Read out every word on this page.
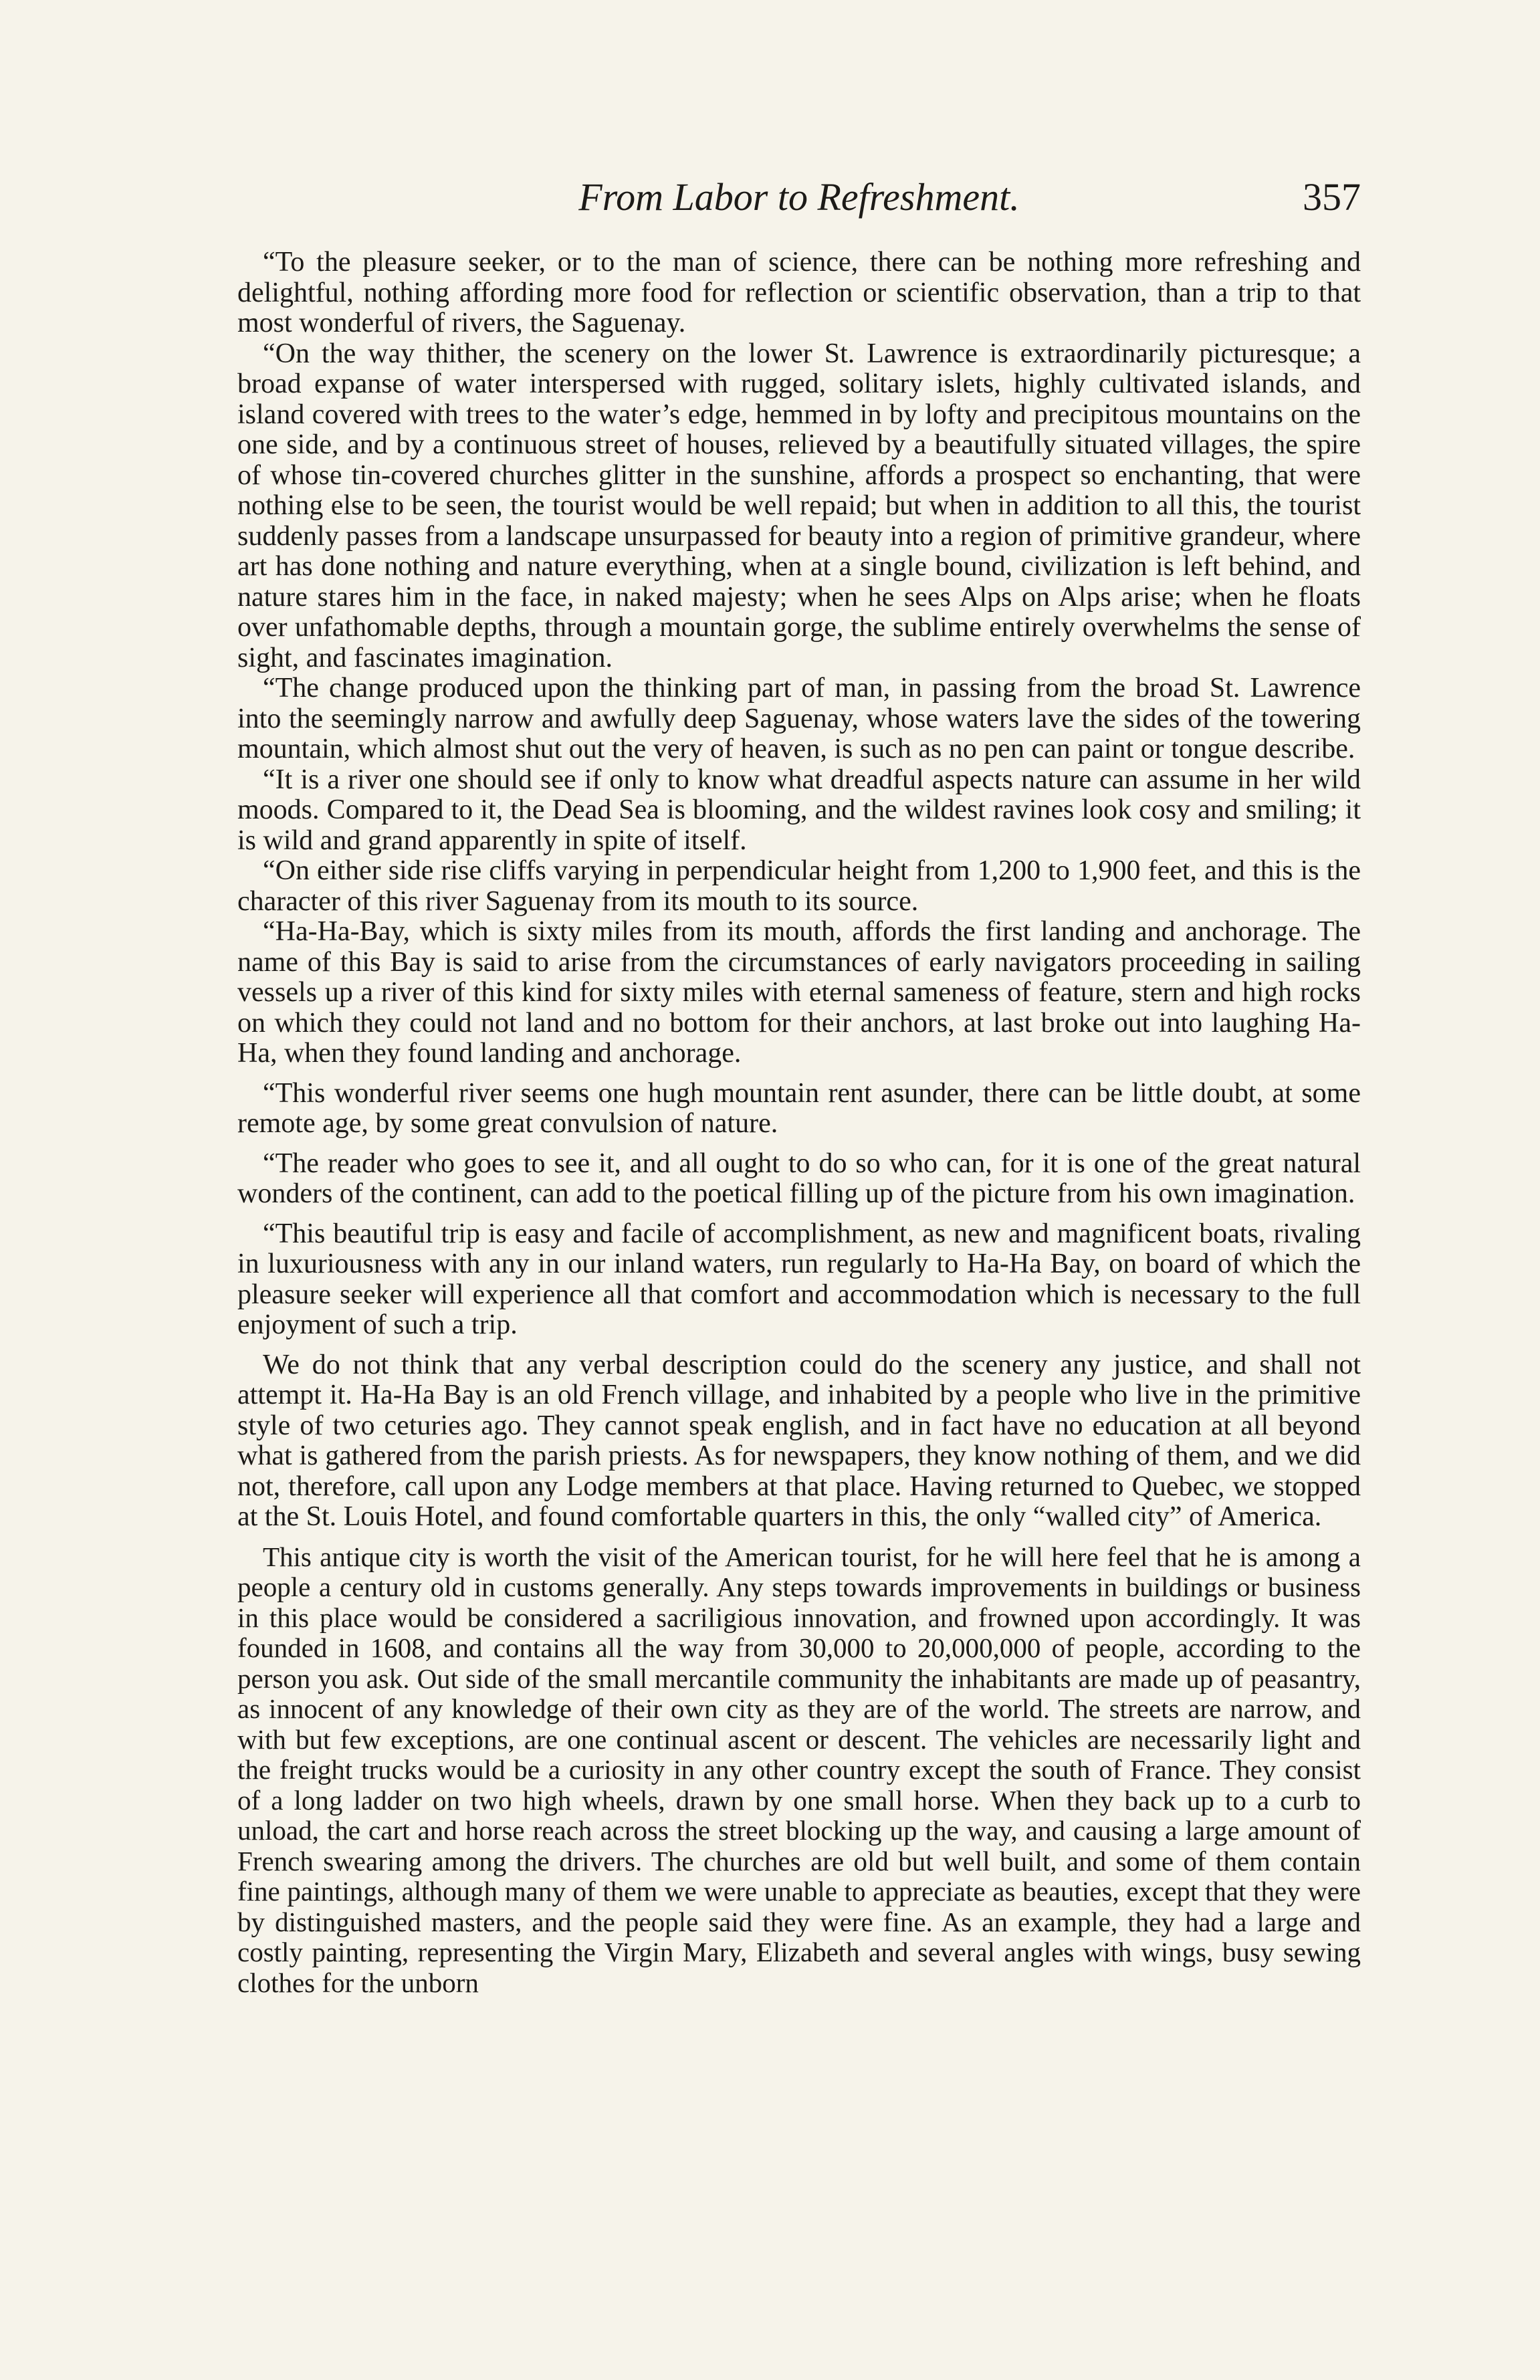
From Labor to Refreshment.	357

“To the pleasure seeker, or to the man of science, there can be nothing more refreshing and delightful, nothing affording more food for reflection or scientific observation, than a trip to that most wonderful of rivers, the Saguenay.

“On the way thither, the scenery on the lower St. Lawrence is extraordinarily picturesque; a broad expanse of water interspersed with rugged, solitary islets, highly cultivated islands, and island covered with trees to the water’s edge, hemmed in by lofty and precipitous mountains on the one side, and by a continuous street of houses, relieved by a beautifully situated villages, the spire of whose tin-covered churches glitter in the sunshine, affords a prospect so enchanting, that were nothing else to be seen, the tourist would be well repaid; but when in addition to all this, the tourist suddenly passes from a landscape unsurpassed for beauty into a region of primitive grandeur, where art has done nothing and nature everything, when at a single bound, civilization is left behind, and nature stares him in the face, in naked majesty; when he sees Alps on Alps arise; when he floats over unfathomable depths, through a mountain gorge, the sublime entirely overwhelms the sense of sight, and fascinates imagination.

“The change produced upon the thinking part of man, in passing from the broad St. Lawrence into the seemingly narrow and awfully deep Saguenay, whose waters lave the sides of the towering mountain, which almost shut out the very of heaven, is such as no pen can paint or tongue describe.

“It is a river one should see if only to know what dreadful aspects nature can assume in her wild moods. Compared to it, the Dead Sea is blooming, and the wildest ravines look cosy and smiling; it is wild and grand apparently in spite of itself.

“On either side rise cliffs varying in perpendicular height from 1,200 to 1,900 feet, and this is the character of this river Saguenay from its mouth to its source.

“Ha-Ha-Bay, which is sixty miles from its mouth, affords the first landing and anchorage. The name of this Bay is said to arise from the circumstances of early navigators proceeding in sailing vessels up a river of this kind for sixty miles with eternal sameness of feature, stern and high rocks on which they could not land and no bottom for their anchors, at last broke out into laughing Ha-Ha, when they found landing and anchorage.

“This wonderful river seems one hugh mountain rent asunder, there can be little doubt, at some remote age, by some great convulsion of nature.

“The reader who goes to see it, and all ought to do so who can, for it is one of the great natural wonders of the continent, can add to the poetical filling up of the picture from his own imagination.

“This beautiful trip is easy and facile of accomplishment, as new and magnificent boats, rivaling in luxuriousness with any in our inland waters, run regularly to Ha-Ha Bay, on board of which the pleasure seeker will experience all that comfort and accommodation which is necessary to the full enjoyment of such a trip.

We do not think that any verbal description could do the scenery any justice, and shall not attempt it. Ha-Ha Bay is an old French village, and inhabited by a people who live in the primitive style of two ceturies ago. They cannot speak english, and in fact have no education at all beyond what is gathered from the parish priests. As for newspapers, they know nothing of them, and we did not, therefore, call upon any Lodge members at that place. Having returned to Quebec, we stopped at the St. Louis Hotel, and found comfortable quarters in this, the only “walled city” of America.

This antique city is worth the visit of the American tourist, for he will here feel that he is among a people a century old in customs generally. Any steps towards improvements in buildings or business in this place would be considered a sacriligious innovation, and frowned upon accordingly. It was founded in 1608, and contains all the way from 30,000 to 20,000,000 of people, according to the person you ask. Out side of the small mercantile community the inhabitants are made up of peasantry, as innocent of any knowledge of their own city as they are of the world. The streets are narrow, and with but few exceptions, are one continual ascent or descent. The vehicles are necessarily light and the freight trucks would be a curiosity in any other country except the south of France. They consist of a long ladder on two high wheels, drawn by one small horse. When they back up to a curb to unload, the cart and horse reach across the street blocking up the way, and causing a large amount of French swearing among the drivers. The churches are old but well built, and some of them contain fine paintings, although many of them we were unable to appreciate as beauties, except that they were by distinguished masters, and the people said they were fine. As an example, they had a large and costly painting, representing the Virgin Mary, Elizabeth and several angles with wings, busy sewing clothes for the unborn
